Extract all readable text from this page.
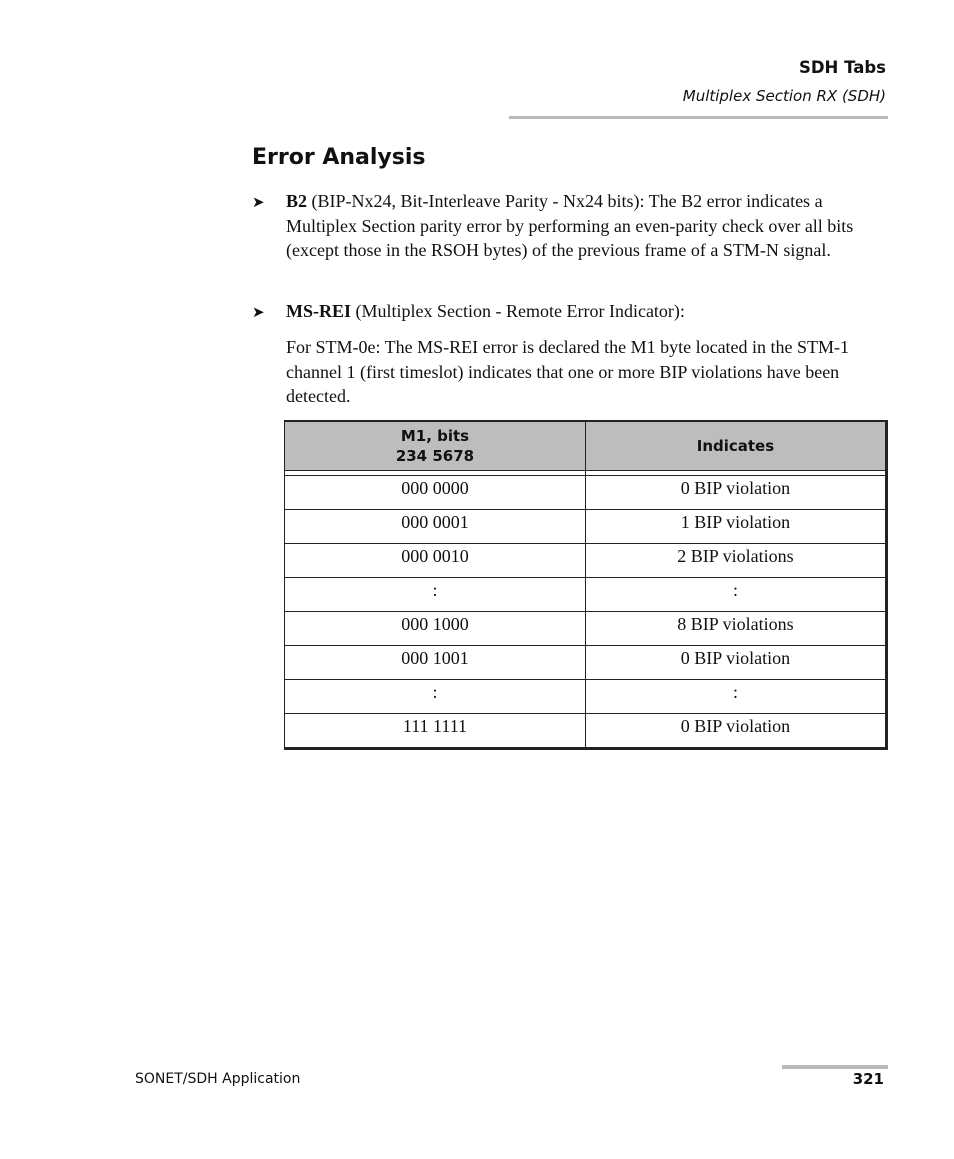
SDH Tabs
Multiplex Section RX (SDH)
Error Analysis
➤ B2 (BIP-Nx24, Bit-Interleave Parity - Nx24 bits): The B2 error indicates a Multiplex Section parity error by performing an even-parity check over all bits (except those in the RSOH bytes) of the previous frame of a STM-N signal.
➤ MS-REI (Multiplex Section - Remote Error Indicator):
For STM-0e: The MS-REI error is declared the M1 byte located in the STM-1 channel 1 (first timeslot) indicates that one or more BIP violations have been detected.
M1, bits
234 5678	Indicates

000 0000	0 BIP violation
000 0001	1 BIP violation
000 0010	2 BIP violations
:	:
000 1000	8 BIP violations
000 1001	0 BIP violation
:	:
111 1111	0 BIP violation
SONET/SDH Application	321
